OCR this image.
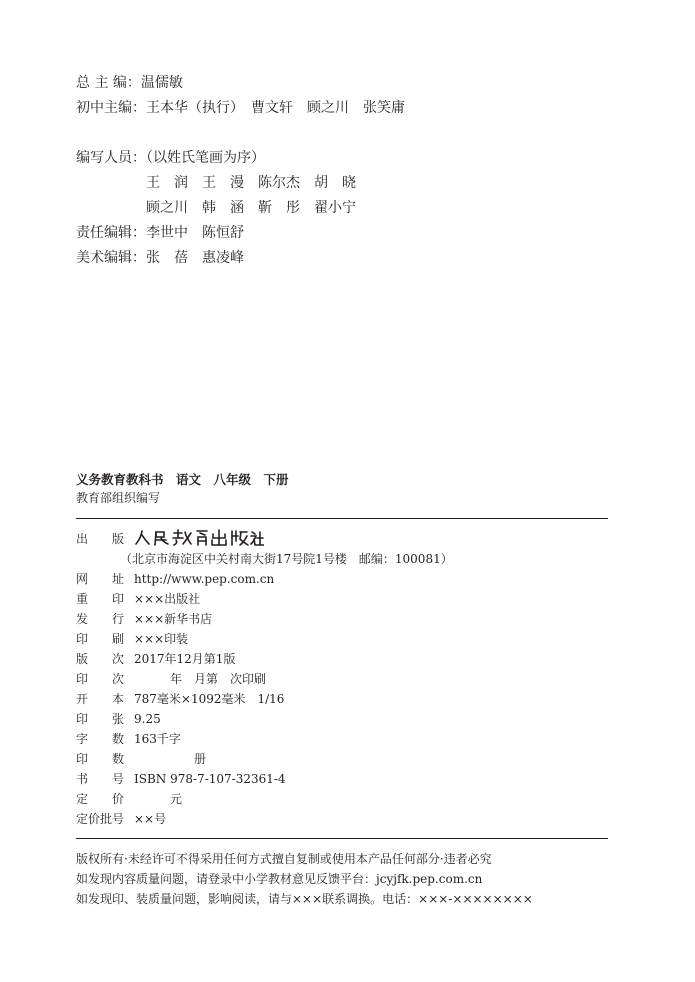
总 主 编：温儒敏
初中主编：王本华（执行）　曹文轩　顾之川　张笑庸
编写人员：（以姓氏笔画为序）
王　润　王　漫　陈尔杰　胡　晓
顾之川　韩　涵　靳　彤　翟小宁
责任编辑：李世中　陈恒舒
美术编辑：张　蓓　惠凌峰
义务教育教科书　语文　八年级　下册
教育部组织编写
出　　版
（北京市海淀区中关村南大街17号院1号楼　邮编：100081）
网　　址 http://www.pep.com.cn
重　　印 ×××出版社
发　　行 ×××新华书店
印　　刷 ×××印装
版　　次 2017年12月第1版
印　　次 　　　年　月第　次印刷
开　　本 787毫米×1092毫米　1/16
印　　张 9.25
字　　数 163千字
印　　数 　　　　　册
书　　号 ISBN 978-7-107-32361-4
定　　价 　　　元
定价批号 ××号
版权所有·未经许可不得采用任何方式擅自复制或使用本产品任何部分·违者必究
如发现内容质量问题，请登录中小学教材意见反馈平台：jcyjfk.pep.com.cn
如发现印、装质量问题，影响阅读，请与×××联系调换。电话：×××-××××××××
